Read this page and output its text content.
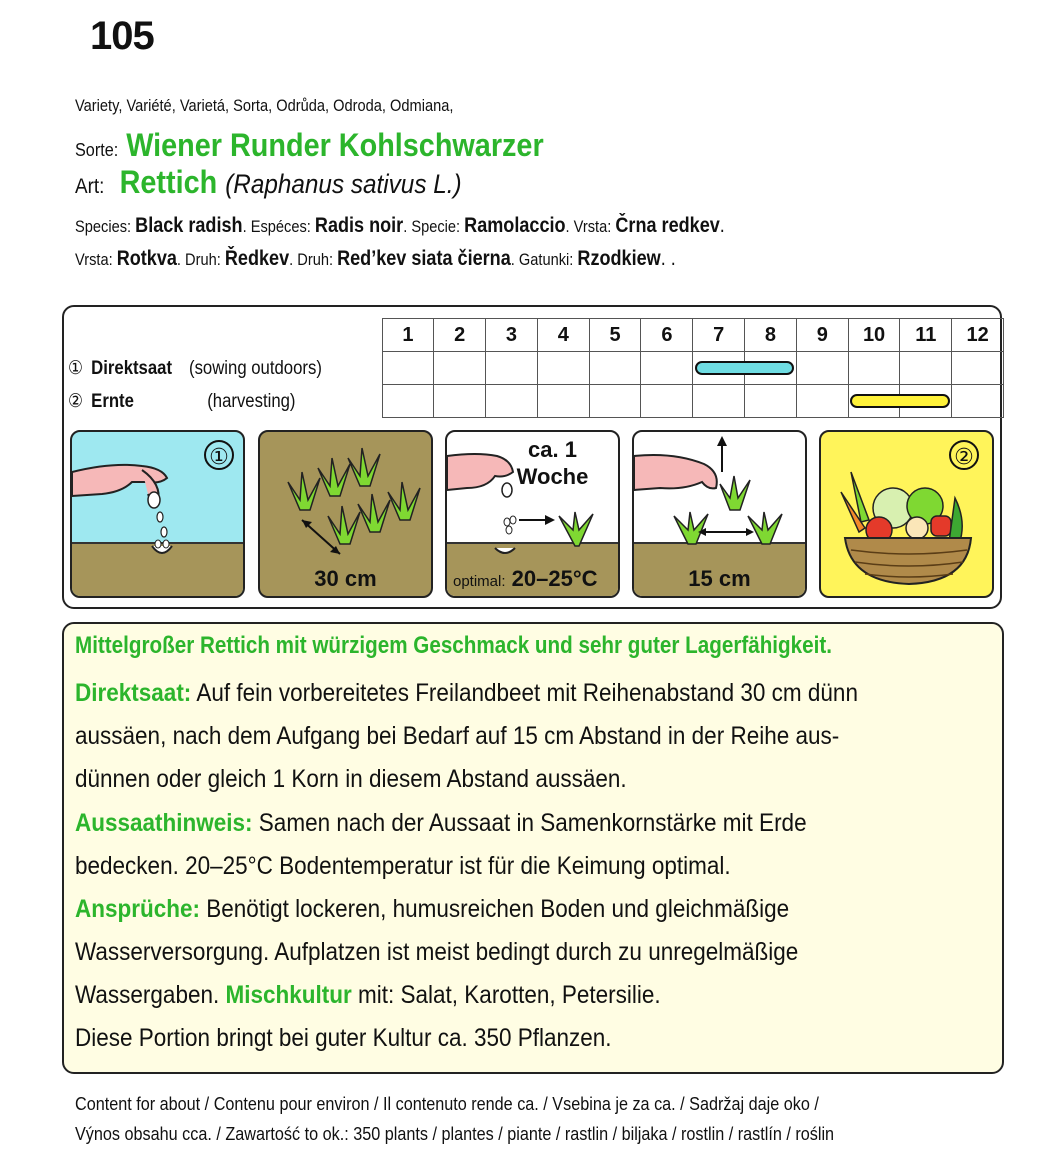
105
Variety, Variété, Varietá, Sorta, Odrůda, Odroda, Odmiana,
Sorte: Wiener Runder Kohlschwarzer
Art: Rettich (Raphanus sativus L.)
Species: Black radish. Espéces: Radis noir. Specie: Ramolaccio. Vrsta: Črna redkev.
Vrsta: Rotkva. Druh: Ředkev. Druh: Red’kev siata čierna. Gatunki: Rzodkiew. .
	1	2	3	4	5	6	7	8	9	10	11	12
① Direktsaat (sowing outdoors)												
② Ernte (harvesting)												
①
30 cm
ca. 1
Woche
optimal: 20–25°C	15 cm
②
Mittelgroßer Rettich mit würzigem Geschmack und sehr guter Lagerfähigkeit.
Direktsaat: Auf fein vorbereitetes Freilandbeet mit Reihenabstand 30 cm dünn
aussäen, nach dem Aufgang bei Bedarf auf 15 cm Abstand in der Reihe aus-
dünnen oder gleich 1 Korn in diesem Abstand aussäen.
Aussaathinweis: Samen nach der Aussaat in Samenkornstärke mit Erde
bedecken. 20–25°C Bodentemperatur ist für die Keimung optimal.
Ansprüche: Benötigt lockeren, humusreichen Boden und gleichmäßige
Wasserversorgung. Aufplatzen ist meist bedingt durch zu unregelmäßige
Wassergaben. Mischkultur mit: Salat, Karotten, Petersilie.
Diese Portion bringt bei guter Kultur ca. 350 Pflanzen.
Content for about / Contenu pour environ / Il contenuto rende ca. / Vsebina je za ca. / Sadržaj daje oko /
Výnos obsahu cca. / Zawartość to ok.: 350 plants / plantes / piante / rastlin / biljaka / rostlin / rastlín / roślin
